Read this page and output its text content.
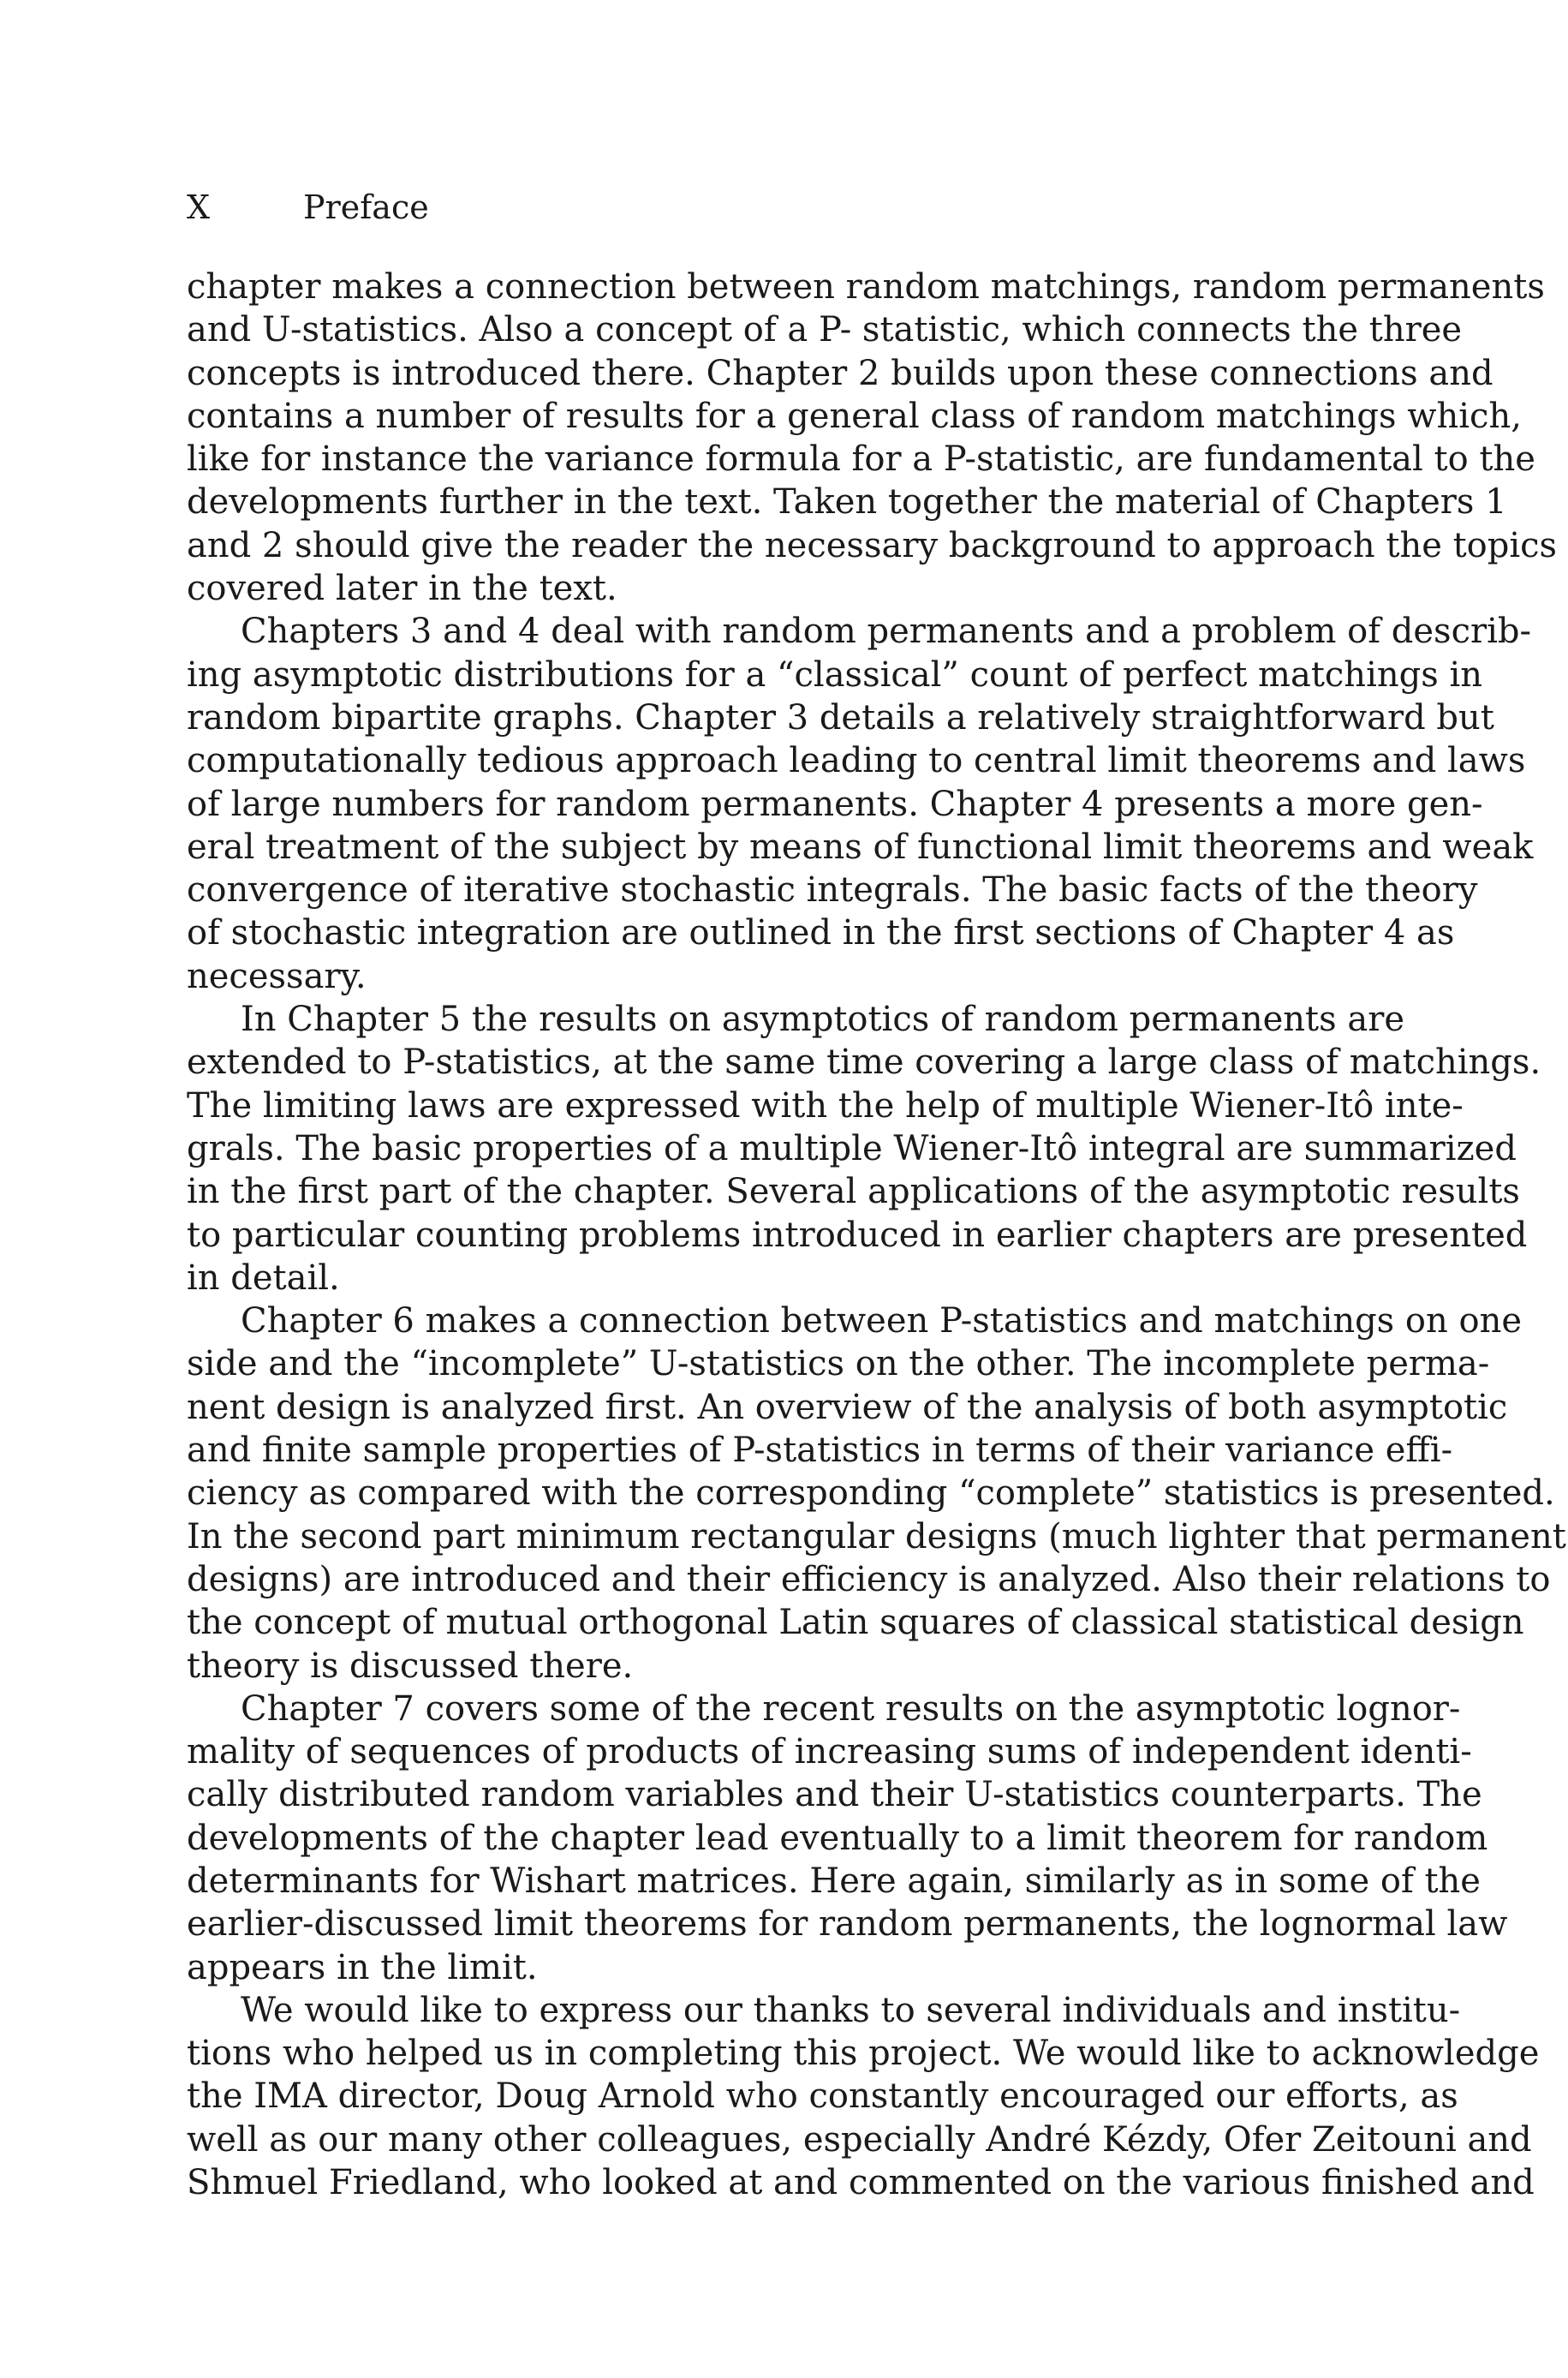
X	Preface

chapter makes a connection between random matchings, random permanents
and U-statistics. Also a concept of a P- statistic, which connects the three
concepts is introduced there. Chapter 2 builds upon these connections and
contains a number of results for a general class of random matchings which,
like for instance the variance formula for a P-statistic, are fundamental to the
developments further in the text. Taken together the material of Chapters 1
and 2 should give the reader the necessary background to approach the topics
covered later in the text.

Chapters 3 and 4 deal with random permanents and a problem of describ-
ing asymptotic distributions for a “classical” count of perfect matchings in
random bipartite graphs. Chapter 3 details a relatively straightforward but
computationally tedious approach leading to central limit theorems and laws
of large numbers for random permanents. Chapter 4 presents a more gen-
eral treatment of the subject by means of functional limit theorems and weak
convergence of iterative stochastic integrals. The basic facts of the theory
of stochastic integration are outlined in the first sections of Chapter 4 as
necessary.

In Chapter 5 the results on asymptotics of random permanents are
extended to P-statistics, at the same time covering a large class of matchings.
The limiting laws are expressed with the help of multiple Wiener-Itô inte-
grals. The basic properties of a multiple Wiener-Itô integral are summarized
in the first part of the chapter. Several applications of the asymptotic results
to particular counting problems introduced in earlier chapters are presented
in detail.

Chapter 6 makes a connection between P-statistics and matchings on one
side and the “incomplete” U-statistics on the other. The incomplete perma-
nent design is analyzed first. An overview of the analysis of both asymptotic
and finite sample properties of P-statistics in terms of their variance effi-
ciency as compared with the corresponding “complete” statistics is presented.
In the second part minimum rectangular designs (much lighter that permanent
designs) are introduced and their efficiency is analyzed. Also their relations to
the concept of mutual orthogonal Latin squares of classical statistical design
theory is discussed there.

Chapter 7 covers some of the recent results on the asymptotic lognor-
mality of sequences of products of increasing sums of independent identi-
cally distributed random variables and their U-statistics counterparts. The
developments of the chapter lead eventually to a limit theorem for random
determinants for Wishart matrices. Here again, similarly as in some of the
earlier-discussed limit theorems for random permanents, the lognormal law
appears in the limit.

We would like to express our thanks to several individuals and institu-
tions who helped us in completing this project. We would like to acknowledge
the IMA director, Doug Arnold who constantly encouraged our efforts, as
well as our many other colleagues, especially André Kézdy, Ofer Zeitouni and
Shmuel Friedland, who looked at and commented on the various finished and
